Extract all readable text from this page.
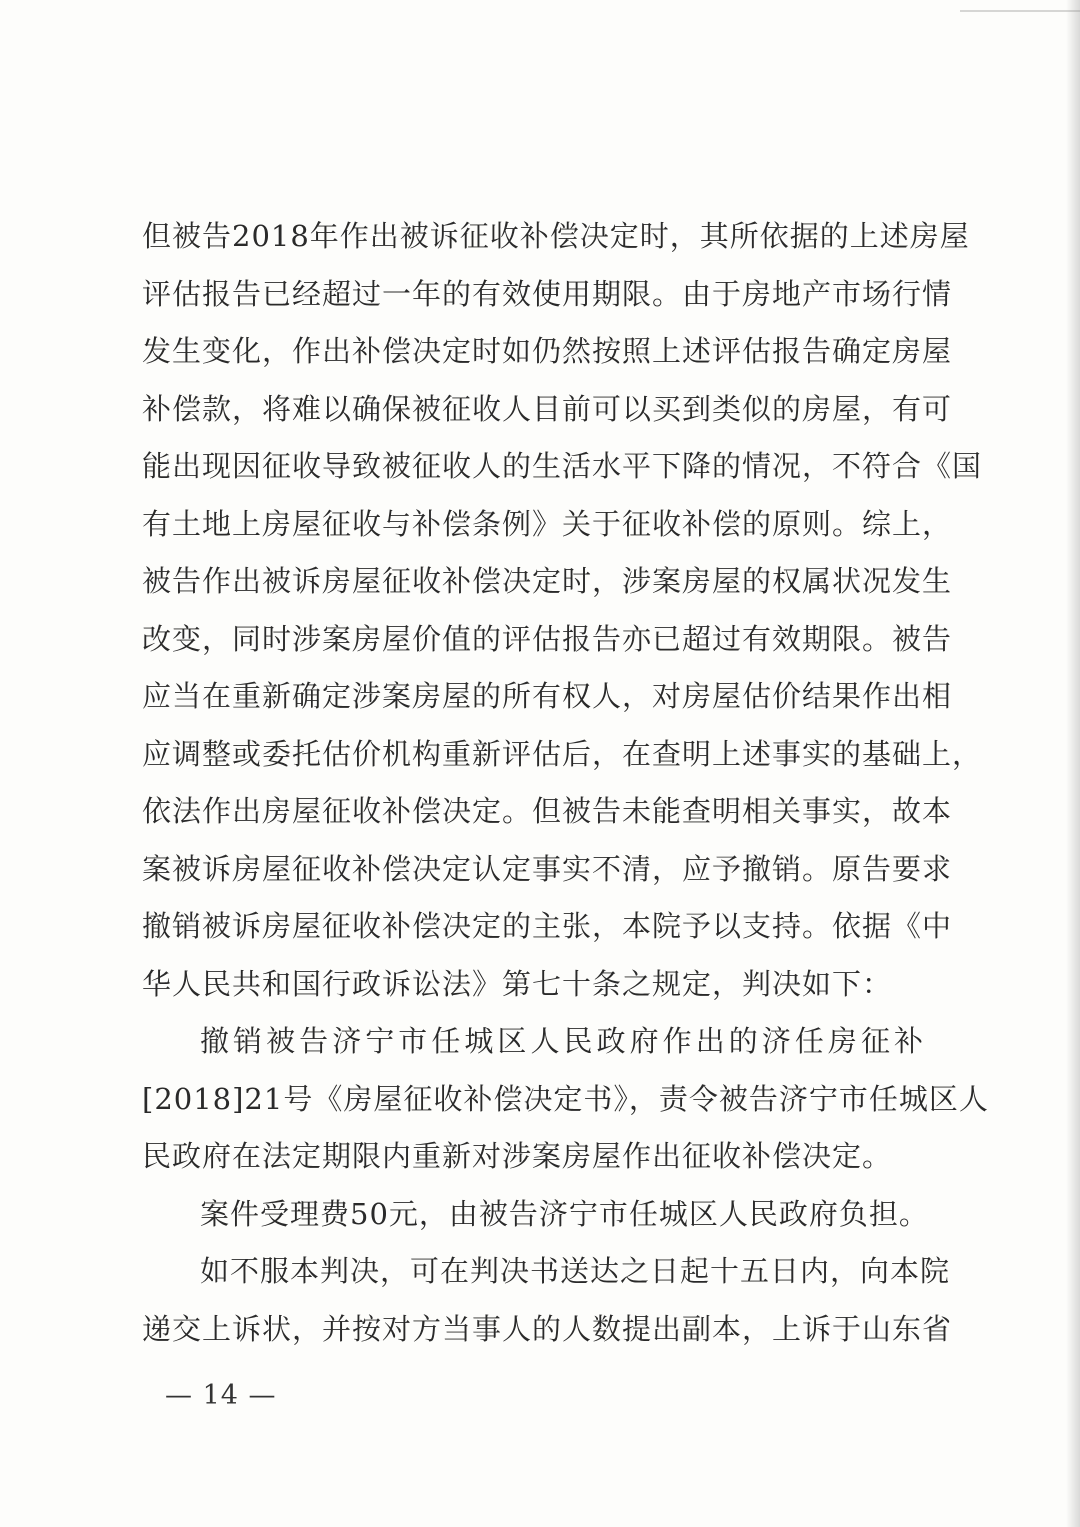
但被告2018年作出被诉征收补偿决定时，其所依据的上述房屋
评估报告已经超过一年的有效使用期限。由于房地产市场行情
发生变化，作出补偿决定时如仍然按照上述评估报告确定房屋
补偿款，将难以确保被征收人目前可以买到类似的房屋，有可
能出现因征收导致被征收人的生活水平下降的情况，不符合《国
有土地上房屋征收与补偿条例》关于征收补偿的原则。综上，
被告作出被诉房屋征收补偿决定时，涉案房屋的权属状况发生
改变，同时涉案房屋价值的评估报告亦已超过有效期限。被告
应当在重新确定涉案房屋的所有权人，对房屋估价结果作出相
应调整或委托估价机构重新评估后，在查明上述事实的基础上，
依法作出房屋征收补偿决定。但被告未能查明相关事实，故本
案被诉房屋征收补偿决定认定事实不清，应予撤销。原告要求
撤销被诉房屋征收补偿决定的主张，本院予以支持。依据《中
华人民共和国行政诉讼法》第七十条之规定，判决如下：
撤销被告济宁市任城区人民政府作出的济任房征补
[2018]21号《房屋征收补偿决定书》，责令被告济宁市任城区人
民政府在法定期限内重新对涉案房屋作出征收补偿决定。
案件受理费50元，由被告济宁市任城区人民政府负担。
如不服本判决，可在判决书送达之日起十五日内，向本院
递交上诉状，并按对方当事人的人数提出副本，上诉于山东省
— 14 —
